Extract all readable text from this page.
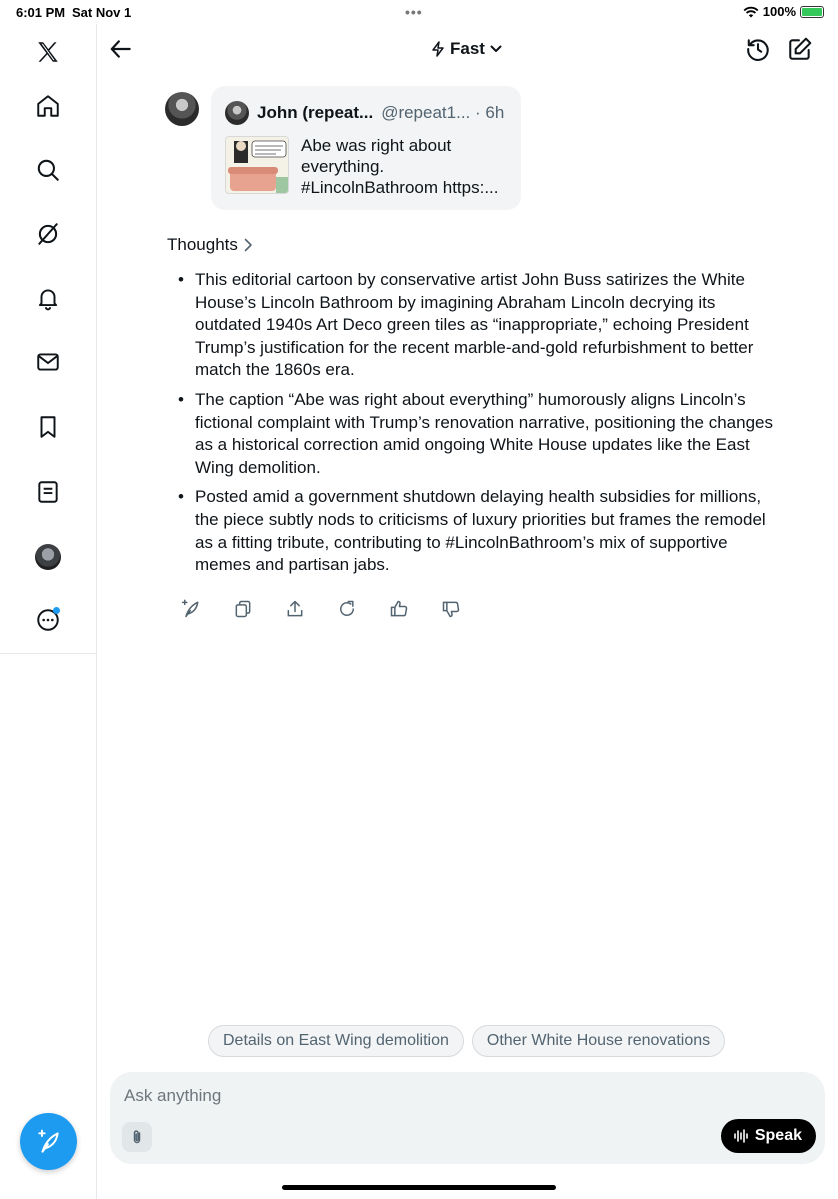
6:01 PM Sat Nov 1	•••	100%
Fast
John (repeat... @repeat1... · 6h
Abe was right about
everything.
#LincolnBathroom https:...
Thoughts
• This editorial cartoon by conservative artist John Buss satirizes the White House’s Lincoln Bathroom by imagining Abraham Lincoln decrying its outdated 1940s Art Deco green tiles as “inappropriate,” echoing President Trump’s justification for the recent marble-and-gold refurbishment to better match the 1860s era.
• The caption “Abe was right about everything” humorously aligns Lincoln’s fictional complaint with Trump’s renovation narrative, positioning the changes as a historical correction amid ongoing White House updates like the East Wing demolition.
• Posted amid a government shutdown delaying health subsidies for millions, the piece subtly nods to criticisms of luxury priorities but frames the remodel as a fitting tribute, contributing to #LincolnBathroom’s mix of supportive memes and partisan jabs.
Details on East Wing demolition	Other White House renovations
Ask anything
Speak
